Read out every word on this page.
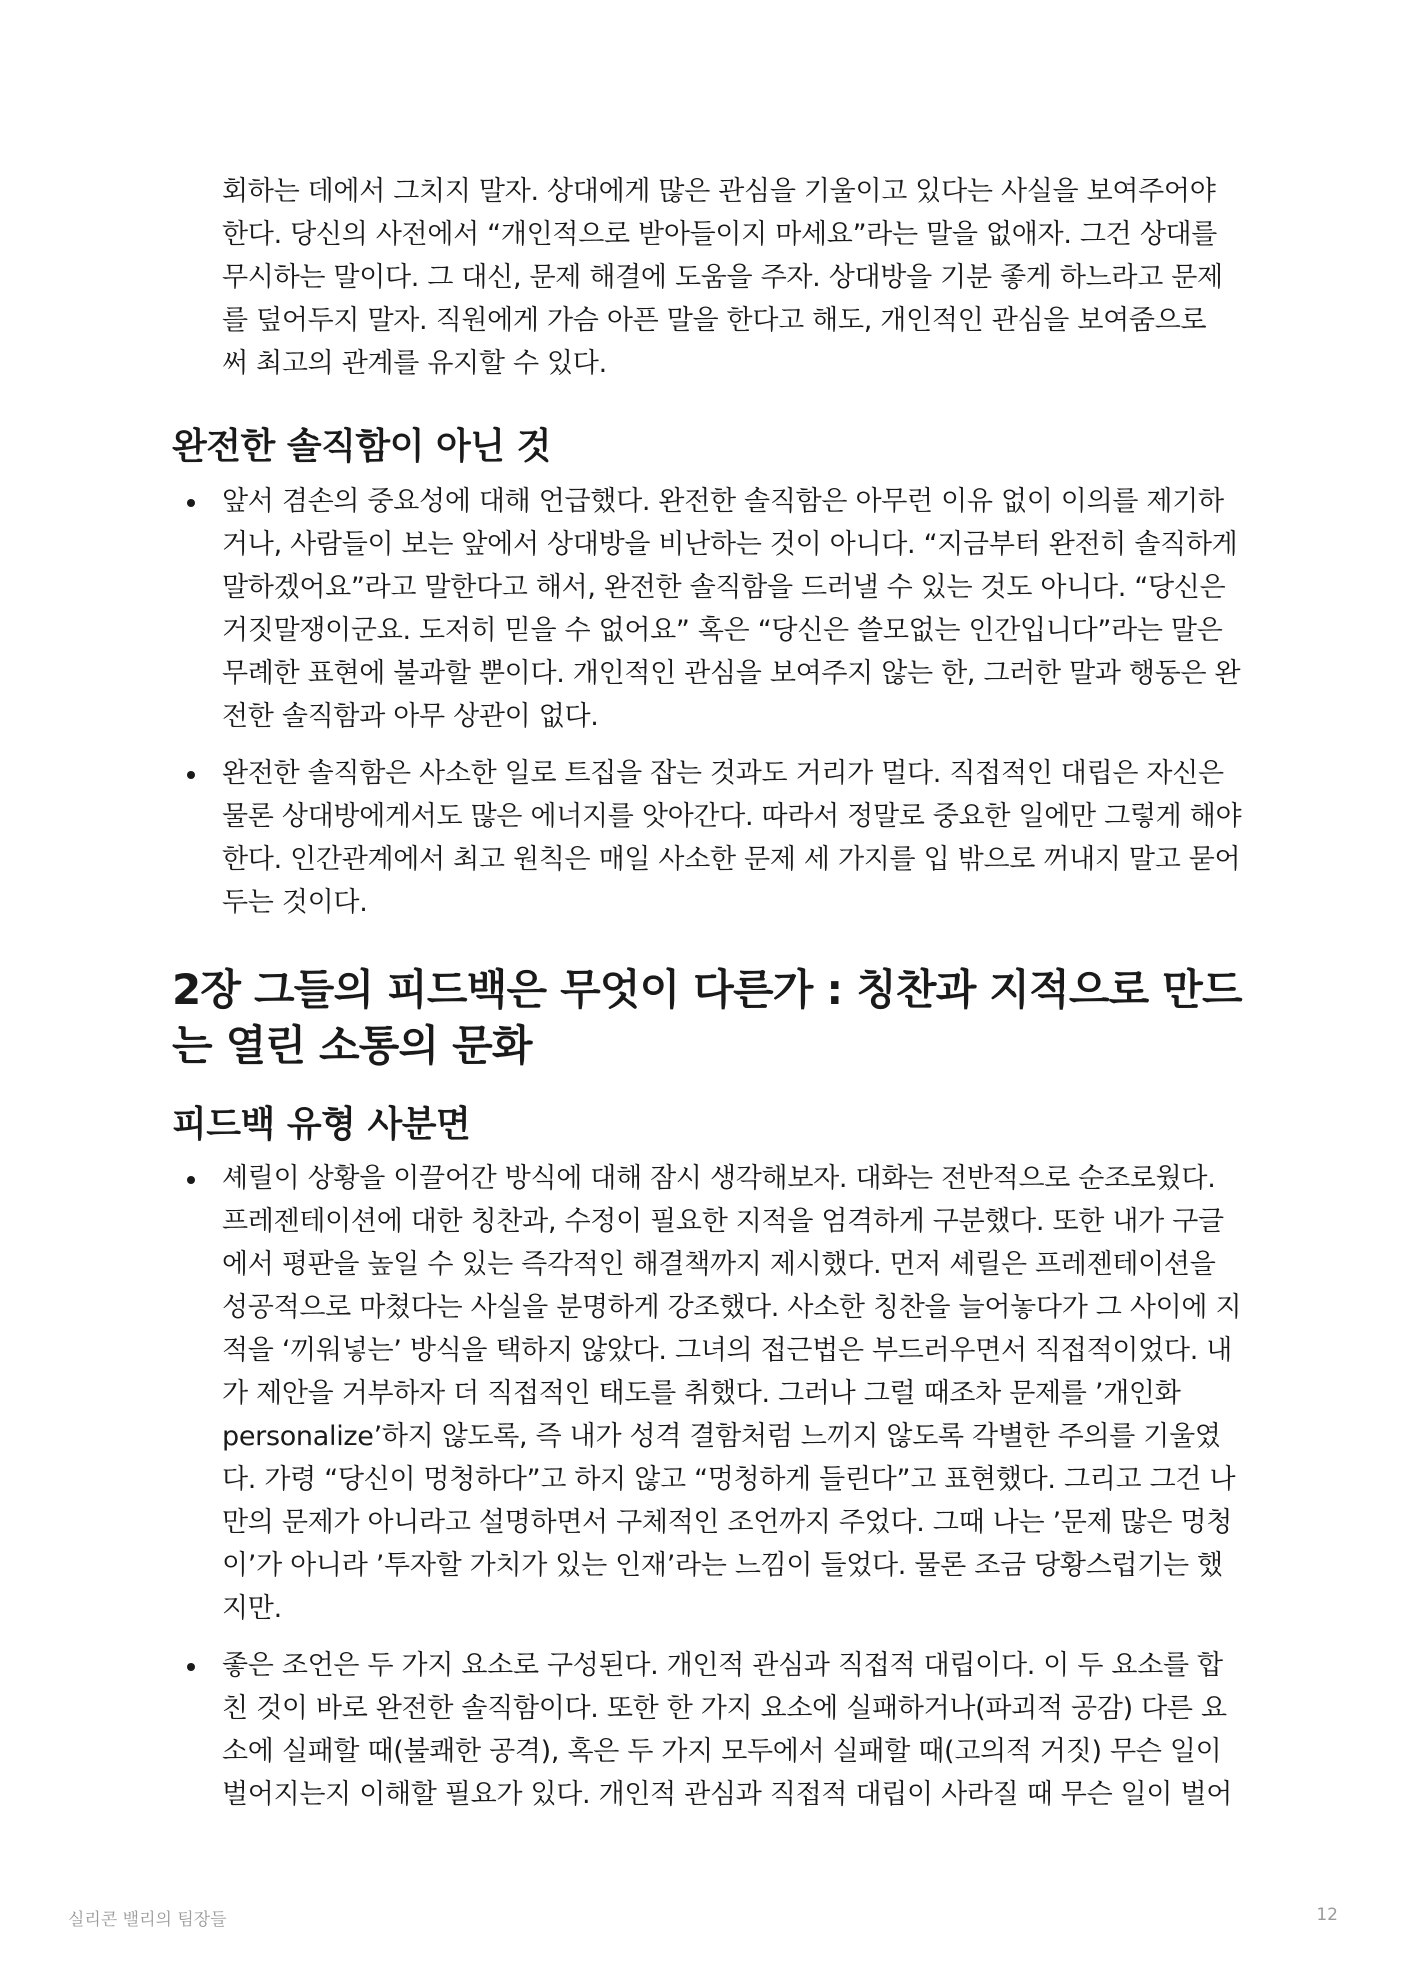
회하는 데에서 그치지 말자. 상대에게 많은 관심을 기울이고 있다는 사실을 보여주어야 한다. 당신의 사전에서 “개인적으로 받아들이지 마세요”라는 말을 없애자. 그건 상대를 무시하는 말이다. 그 대신, 문제 해결에 도움을 주자. 상대방을 기분 좋게 하느라고 문제를 덮어두지 말자. 직원에게 가슴 아픈 말을 한다고 해도, 개인적인 관심을 보여줌으로써 최고의 관계를 유지할 수 있다.

완전한 솔직함이 아닌 것
앞서 겸손의 중요성에 대해 언급했다. 완전한 솔직함은 아무런 이유 없이 이의를 제기하거나, 사람들이 보는 앞에서 상대방을 비난하는 것이 아니다. “지금부터 완전히 솔직하게 말하겠어요”라고 말한다고 해서, 완전한 솔직함을 드러낼 수 있는 것도 아니다. “당신은 거짓말쟁이군요. 도저히 믿을 수 없어요” 혹은 “당신은 쓸모없는 인간입니다”라는 말은 무례한 표현에 불과할 뿐이다. 개인적인 관심을 보여주지 않는 한, 그러한 말과 행동은 완전한 솔직함과 아무 상관이 없다.
완전한 솔직함은 사소한 일로 트집을 잡는 것과도 거리가 멀다. 직접적인 대립은 자신은 물론 상대방에게서도 많은 에너지를 앗아간다. 따라서 정말로 중요한 일에만 그렇게 해야 한다. 인간관계에서 최고 원칙은 매일 사소한 문제 세 가지를 입 밖으로 꺼내지 말고 묻어두는 것이다.
2장 그들의 피드백은 무엇이 다른가 : 칭찬과 지적으로 만드는 열린 소통의 문화
피드백 유형 사분면
셰릴이 상황을 이끌어간 방식에 대해 잠시 생각해보자. 대화는 전반적으로 순조로웠다. 프레젠테이션에 대한 칭찬과, 수정이 필요한 지적을 엄격하게 구분했다. 또한 내가 구글에서 평판을 높일 수 있는 즉각적인 해결책까지 제시했다. 먼저 셰릴은 프레젠테이션을 성공적으로 마쳤다는 사실을 분명하게 강조했다. 사소한 칭찬을 늘어놓다가 그 사이에 지적을 ‘끼워넣는’ 방식을 택하지 않았다. 그녀의 접근법은 부드러우면서 직접적이었다. 내가 제안을 거부하자 더 직접적인 태도를 취했다. 그러나 그럴 때조차 문제를 ’개인화personalize’하지 않도록, 즉 내가 성격 결함처럼 느끼지 않도록 각별한 주의를 기울였다. 가령 “당신이 멍청하다”고 하지 않고 “멍청하게 들린다”고 표현했다. 그리고 그건 나만의 문제가 아니라고 설명하면서 구체적인 조언까지 주었다. 그때 나는 ’문제 많은 멍청이’가 아니라 ’투자할 가치가 있는 인재’라는 느낌이 들었다. 물론 조금 당황스럽기는 했지만.
좋은 조언은 두 가지 요소로 구성된다. 개인적 관심과 직접적 대립이다. 이 두 요소를 합친 것이 바로 완전한 솔직함이다. 또한 한 가지 요소에 실패하거나(파괴적 공감) 다른 요소에 실패할 때(불쾌한 공격), 혹은 두 가지 모두에서 실패할 때(고의적 거짓) 무슨 일이 벌어지는지 이해할 필요가 있다. 개인적 관심과 직접적 대립이 사라질 때 무슨 일이 벌어
실리콘 밸리의 팀장들	12
